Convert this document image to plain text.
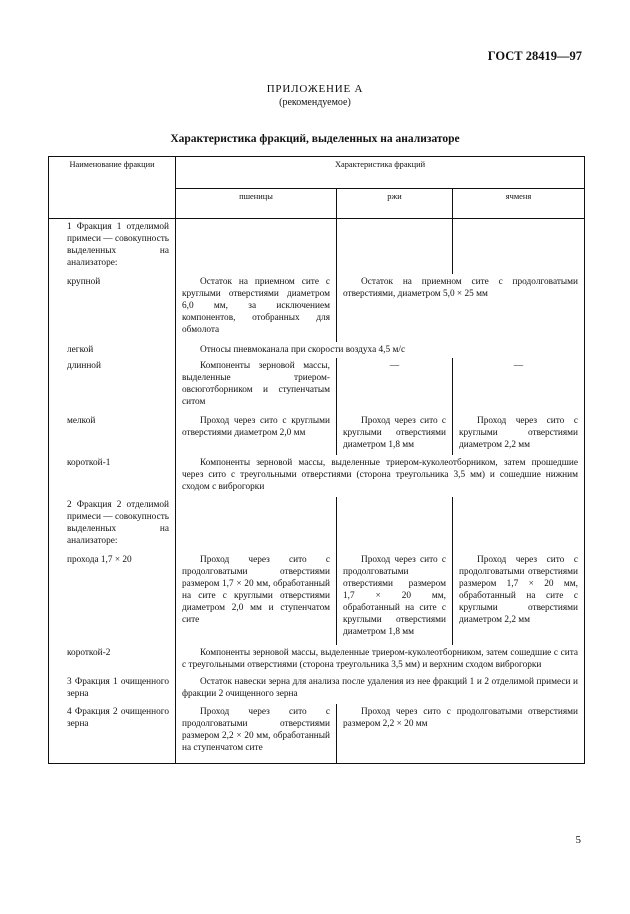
ГОСТ 28419—97
ПРИЛОЖЕНИЕ А
(рекомендуемое)
Характеристика фракций, выделенных на анализаторе
Наименование фракции	Характеристика фракций		
	пшеницы	ржи	ячменя
1 Фракция 1 отделимой примеси — совокупность выделенных на анализаторе:			
крупной	Остаток на приемном сите с круглыми отверстиями диаметром 6,0 мм, за исключением компонентов, отобранных для обмолота	Остаток на приемном сите с продолговатыми отверстиями, диаметром 5,0 × 25 мм	
легкой	Относы пневмоканала при скорости воздуха 4,5 м/с		
длинной	Компоненты зерновой массы, выделенные триером-овсюготборником и ступенчатым ситом	—	—
мелкой	Проход через сито с круглыми отверстиями диаметром 2,0 мм	Проход через сито с круглыми отверстиями диаметром 1,8 мм	Проход через сито с круглыми отверстиями диаметром 2,2 мм
короткой-1	Компоненты зерновой массы, выделенные триером-куколеотборником, затем прошедшие через сито с треугольными отверстиями (сторона треугольника 3,5 мм) и сошедшие нижним сходом с виброгорки		
2 Фракция 2 отделимой примеси — совокупность выделенных на анализаторе:			
прохода 1,7 × 20	Проход через сито с продолговатыми отверстиями размером 1,7 × 20 мм, обработанный на сите с круглыми отверстиями диаметром 2,0 мм и ступенчатом сите	Проход через сито с продолговатыми отверстиями размером 1,7 × 20 мм, обработанный на сите с круглыми отверстиями диаметром 1,8 мм	Проход через сито с продолговатыми отверстиями размером 1,7 × 20 мм, обработанный на сите с круглыми отверстиями диаметром 2,2 мм
короткой-2	Компоненты зерновой массы, выделенные триером-куколеотборником, затем сошедшие с сита с треугольными отверстиями (сторона треугольника 3,5 мм) и верхним сходом виброгорки		
3 Фракция 1 очищенного зерна	Остаток навески зерна для анализа после удаления из нее фракций 1 и 2 отделимой примеси и фракции 2 очищенного зерна		
4 Фракция 2 очищенного зерна	Проход через сито с продолговатыми отверстиями размером 2,2 × 20 мм, обработанный на ступенчатом сите	Проход через сито с продолговатыми отверстиями размером 2,2 × 20 мм	
5
